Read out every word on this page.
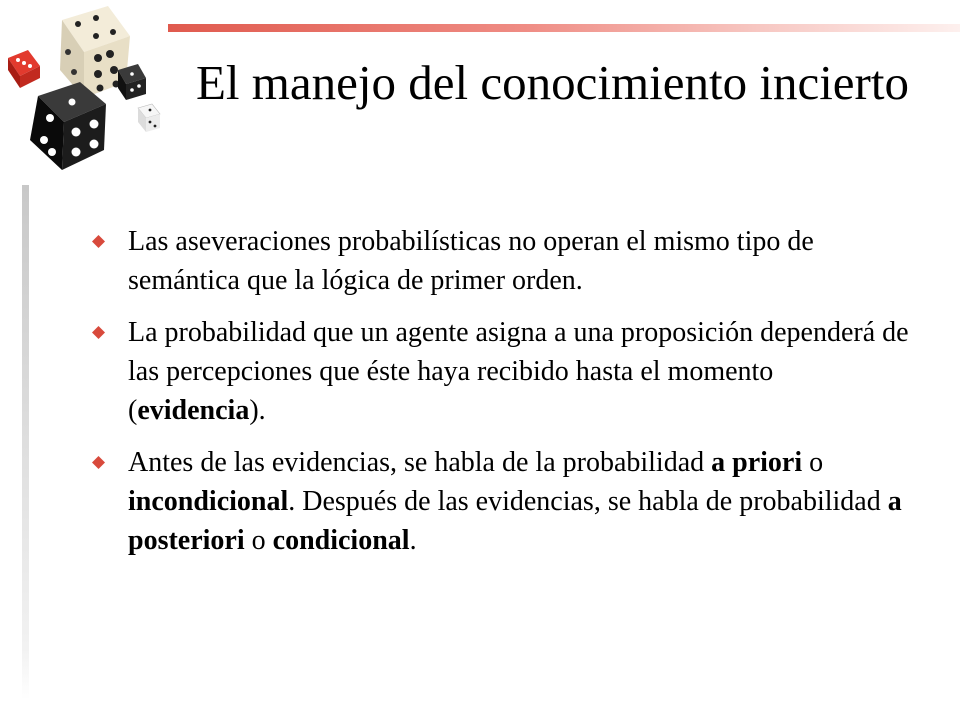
El manejo del conocimiento incierto
Las aseveraciones probabilísticas no operan el mismo tipo de semántica que la lógica de primer orden.
La probabilidad que un agente asigna a una proposición dependerá de las percepciones que éste haya recibido hasta el momento (evidencia).
Antes de las evidencias, se habla de la probabilidad a priori o incondicional. Después de las evidencias, se habla de probabilidad a posteriori o condicional.
